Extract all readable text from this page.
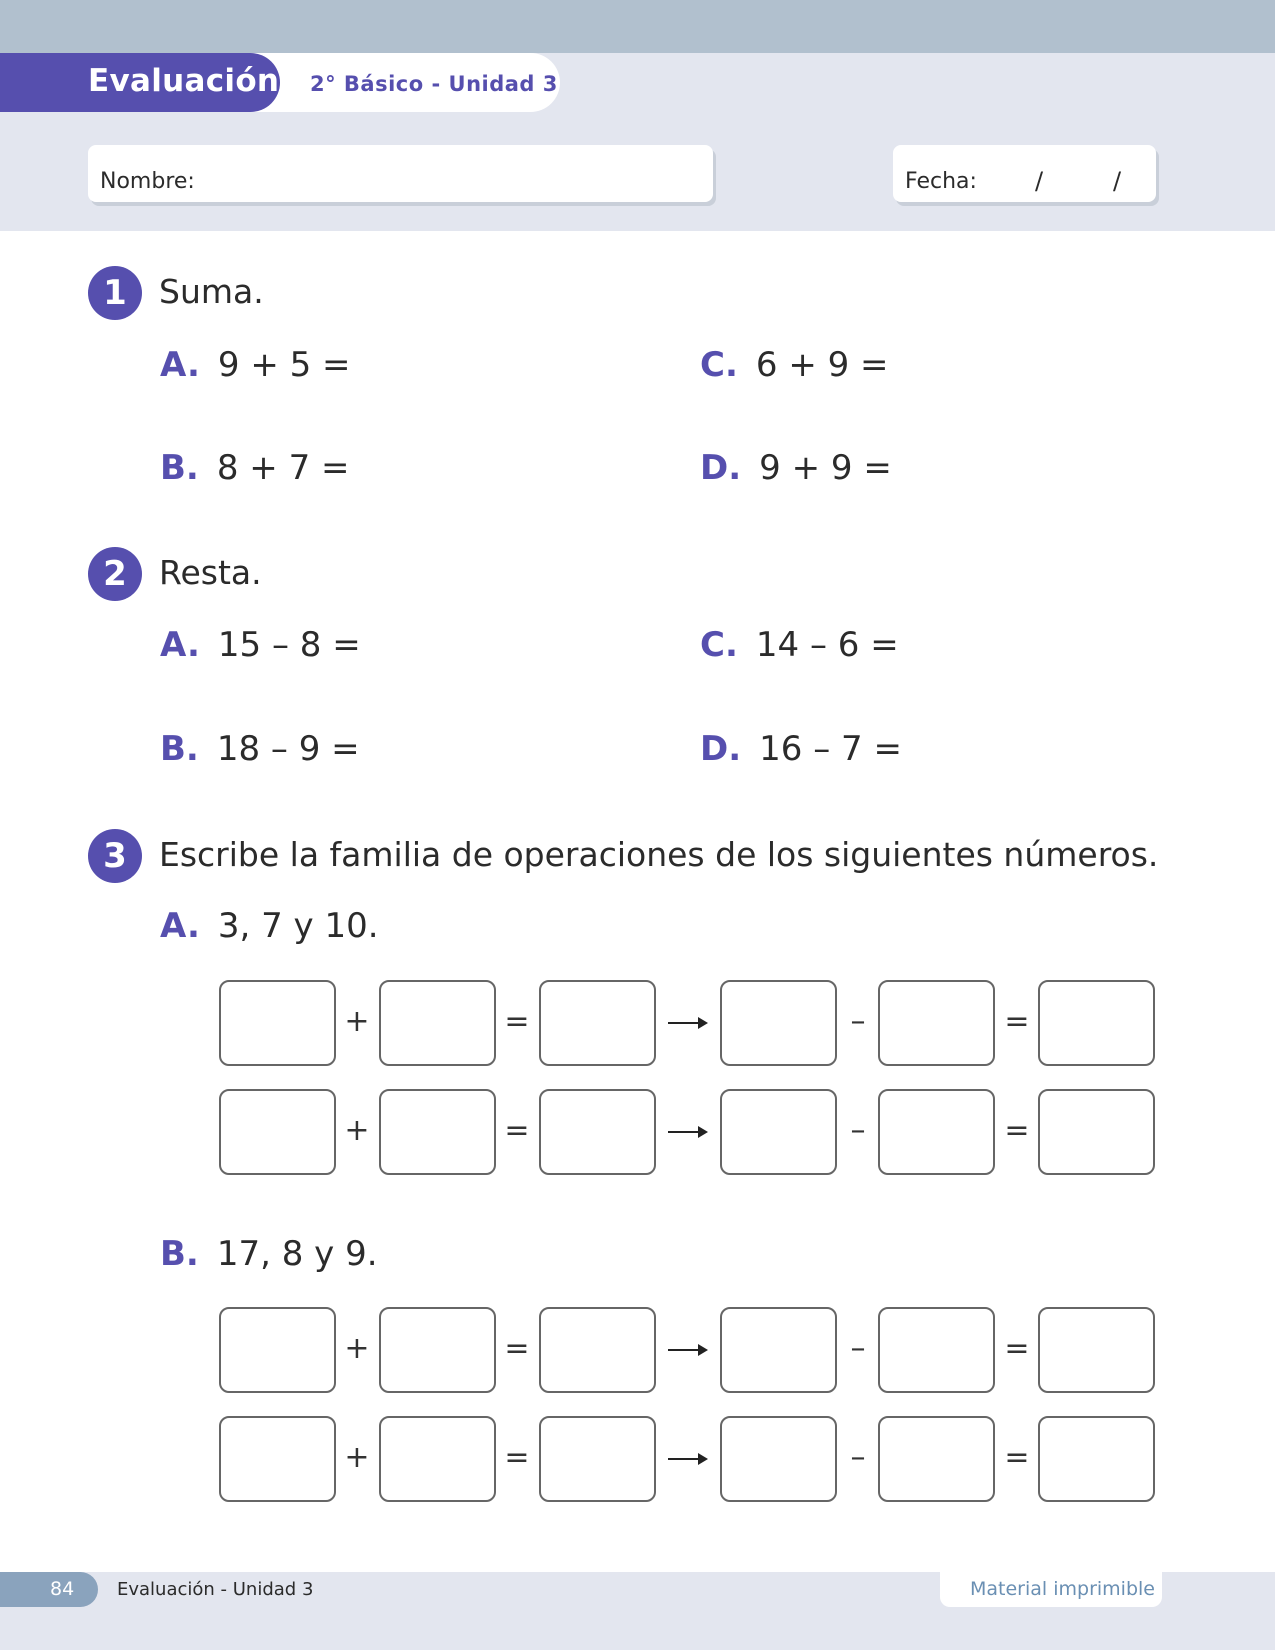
Evaluación 2° Básico - Unidad 3
Nombre:	Fecha: /	/
1 Suma.
A. 9 + 5 =
B. 8 + 7 =
C. 6 + 9 =
D. 9 + 9 =
2 Resta.
A. 15 – 8 =
B. 18 – 9 =
C. 14 – 6 =
D. 16 – 7 =
3 Escribe la familia de operaciones de los siguientes números.
A. 3, 7 y 10.
B. 17, 8 y 9.
+	=	–	=
+	=	–	=
+	=	–	=
+	=	–	=
84 Evaluación - Unidad 3	Material imprimible
